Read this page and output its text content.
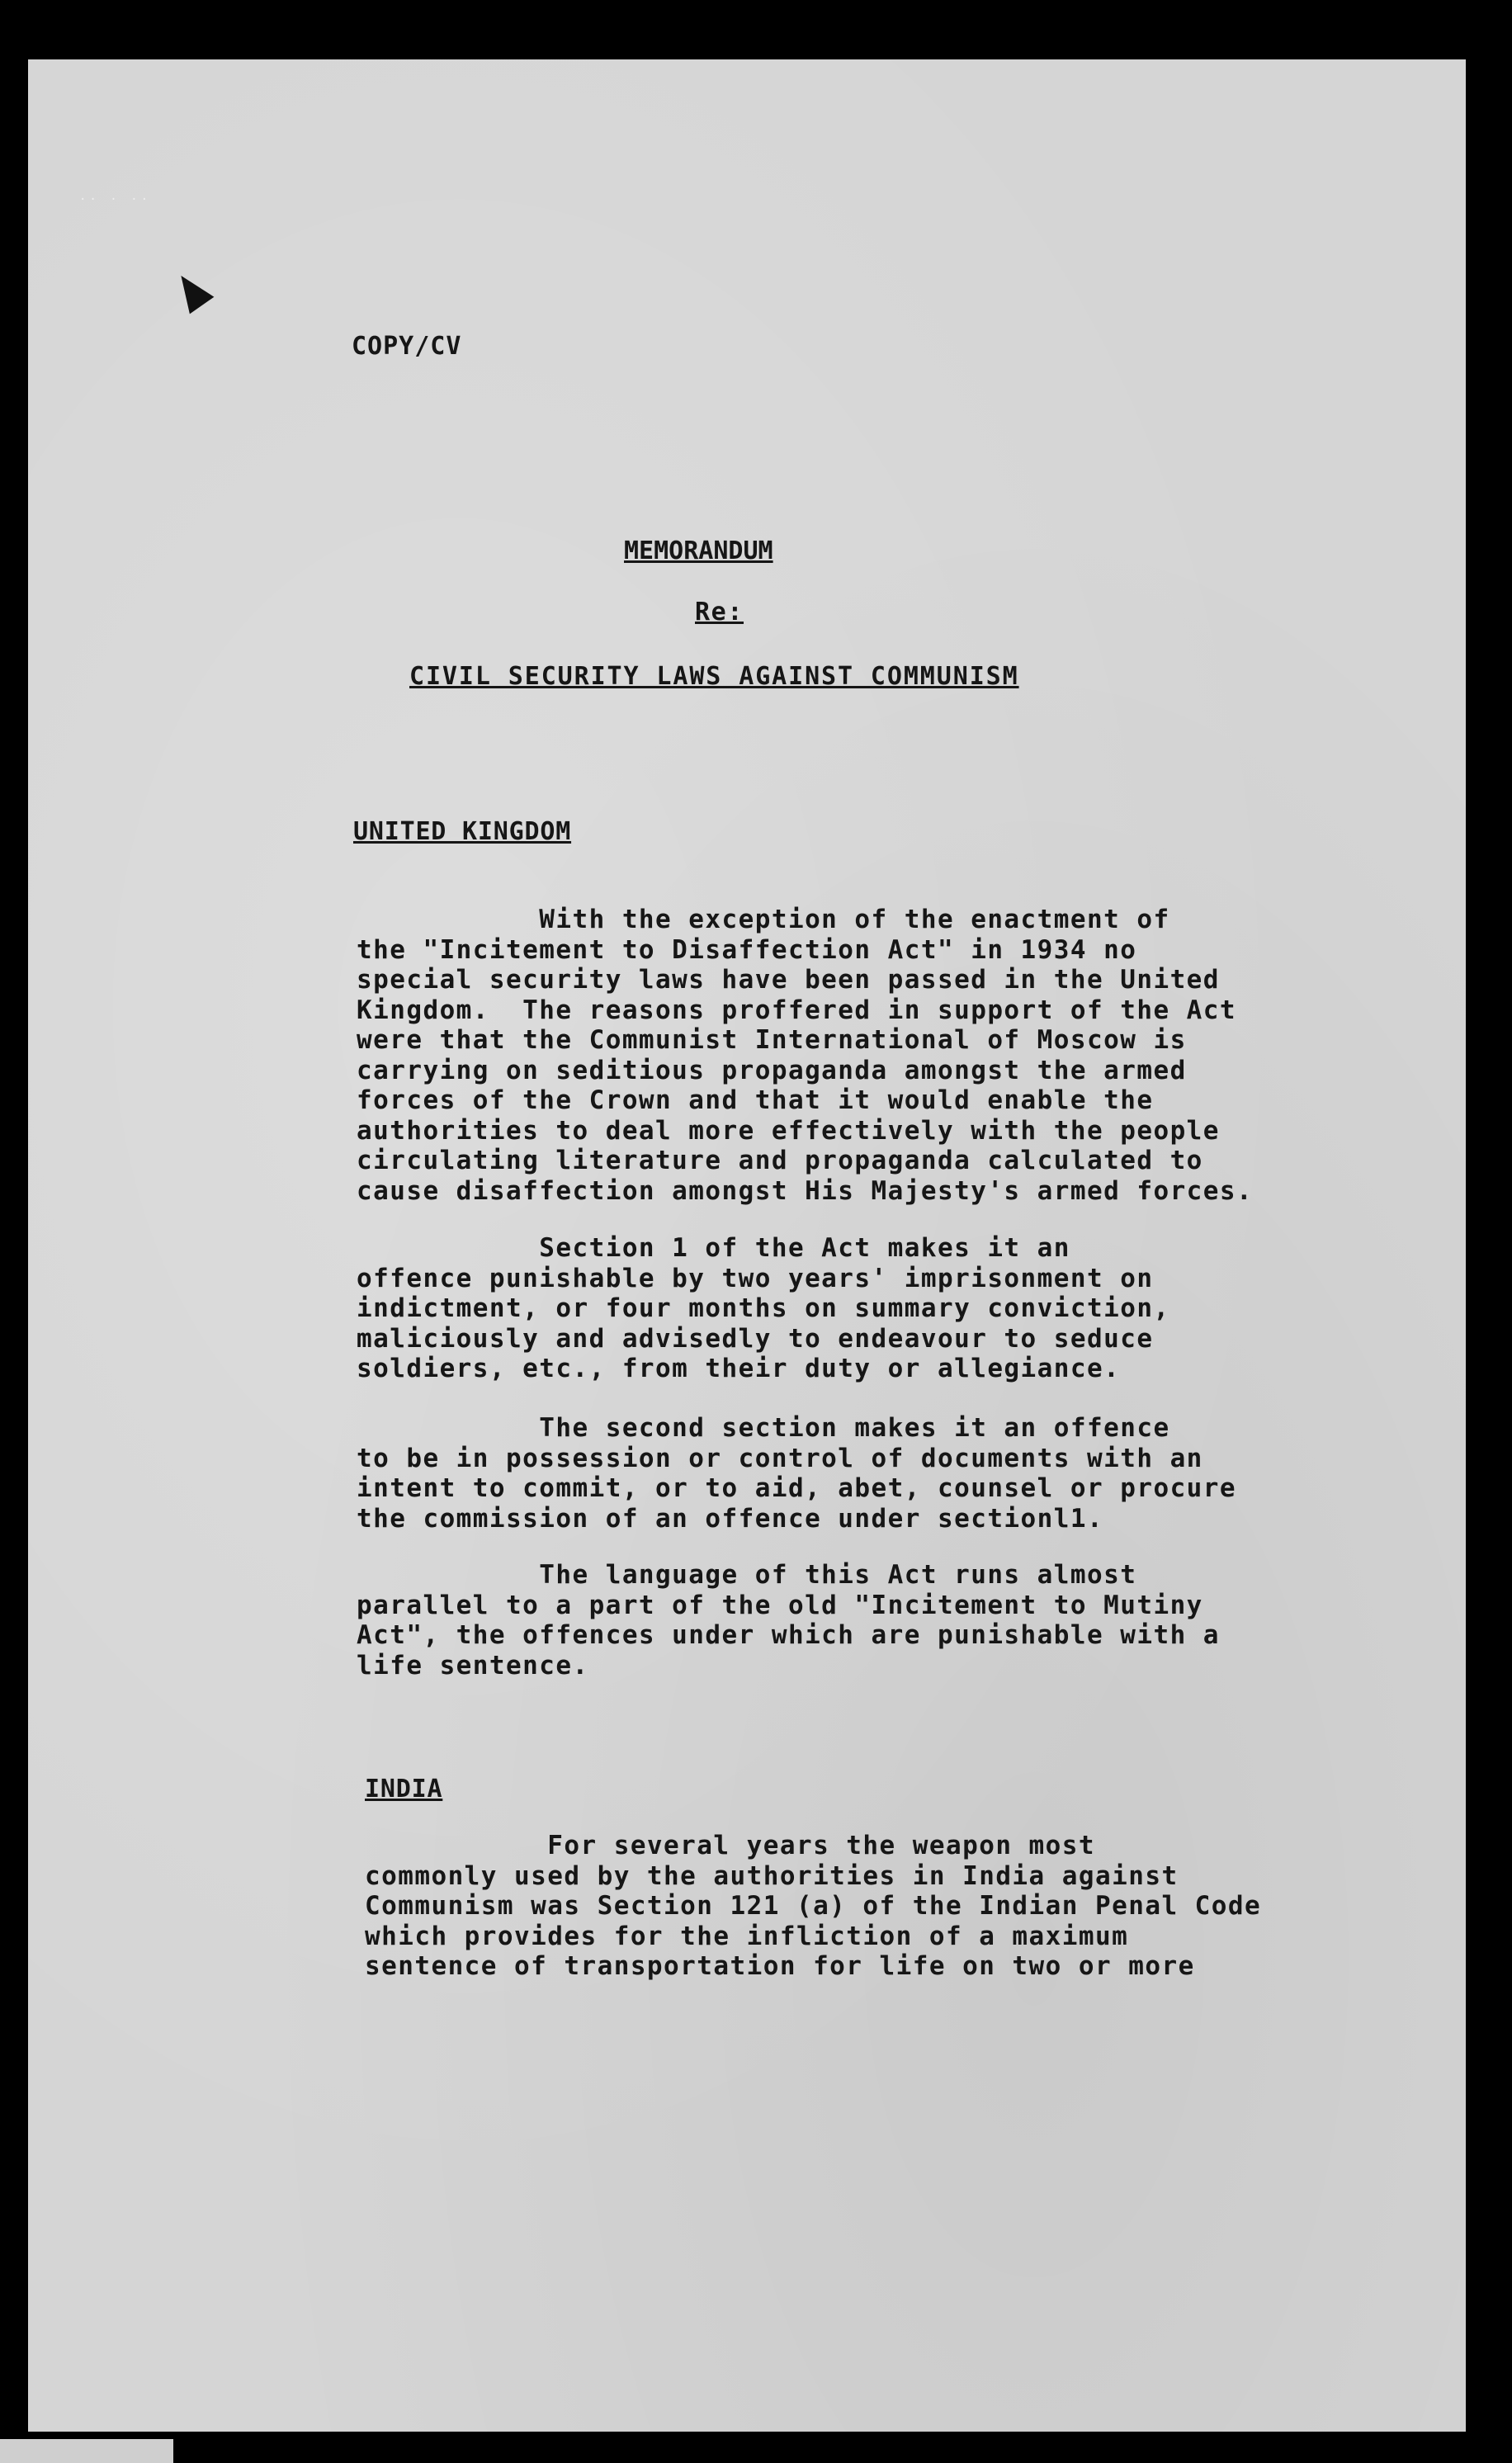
.. . ..
COPY/CV
MEMORANDUM
Re:
CIVIL SECURITY LAWS AGAINST COMMUNISM
UNITED KINGDOM
With the exception of the enactment of
the "Incitement to Disaffection Act" in 1934 no
special security laws have been passed in the United
Kingdom.  The reasons proffered in support of the Act
were that the Communist International of Moscow is
carrying on seditious propaganda amongst the armed
forces of the Crown and that it would enable the
authorities to deal more effectively with the people
circulating literature and propaganda calculated to
cause disaffection amongst His Majesty's armed forces.
Section 1 of the Act makes it an
offence punishable by two years' imprisonment on
indictment, or four months on summary conviction,
maliciously and advisedly to endeavour to seduce
soldiers, etc., from their duty or allegiance.
The second section makes it an offence
to be in possession or control of documents with an
intent to commit, or to aid, abet, counsel or procure
the commission of an offence under sectionl1.
The language of this Act runs almost
parallel to a part of the old "Incitement to Mutiny
Act", the offences under which are punishable with a
life sentence.
INDIA
For several years the weapon most
commonly used by the authorities in India against
Communism was Section 121 (a) of the Indian Penal Code
which provides for the infliction of a maximum
sentence of transportation for life on two or more
